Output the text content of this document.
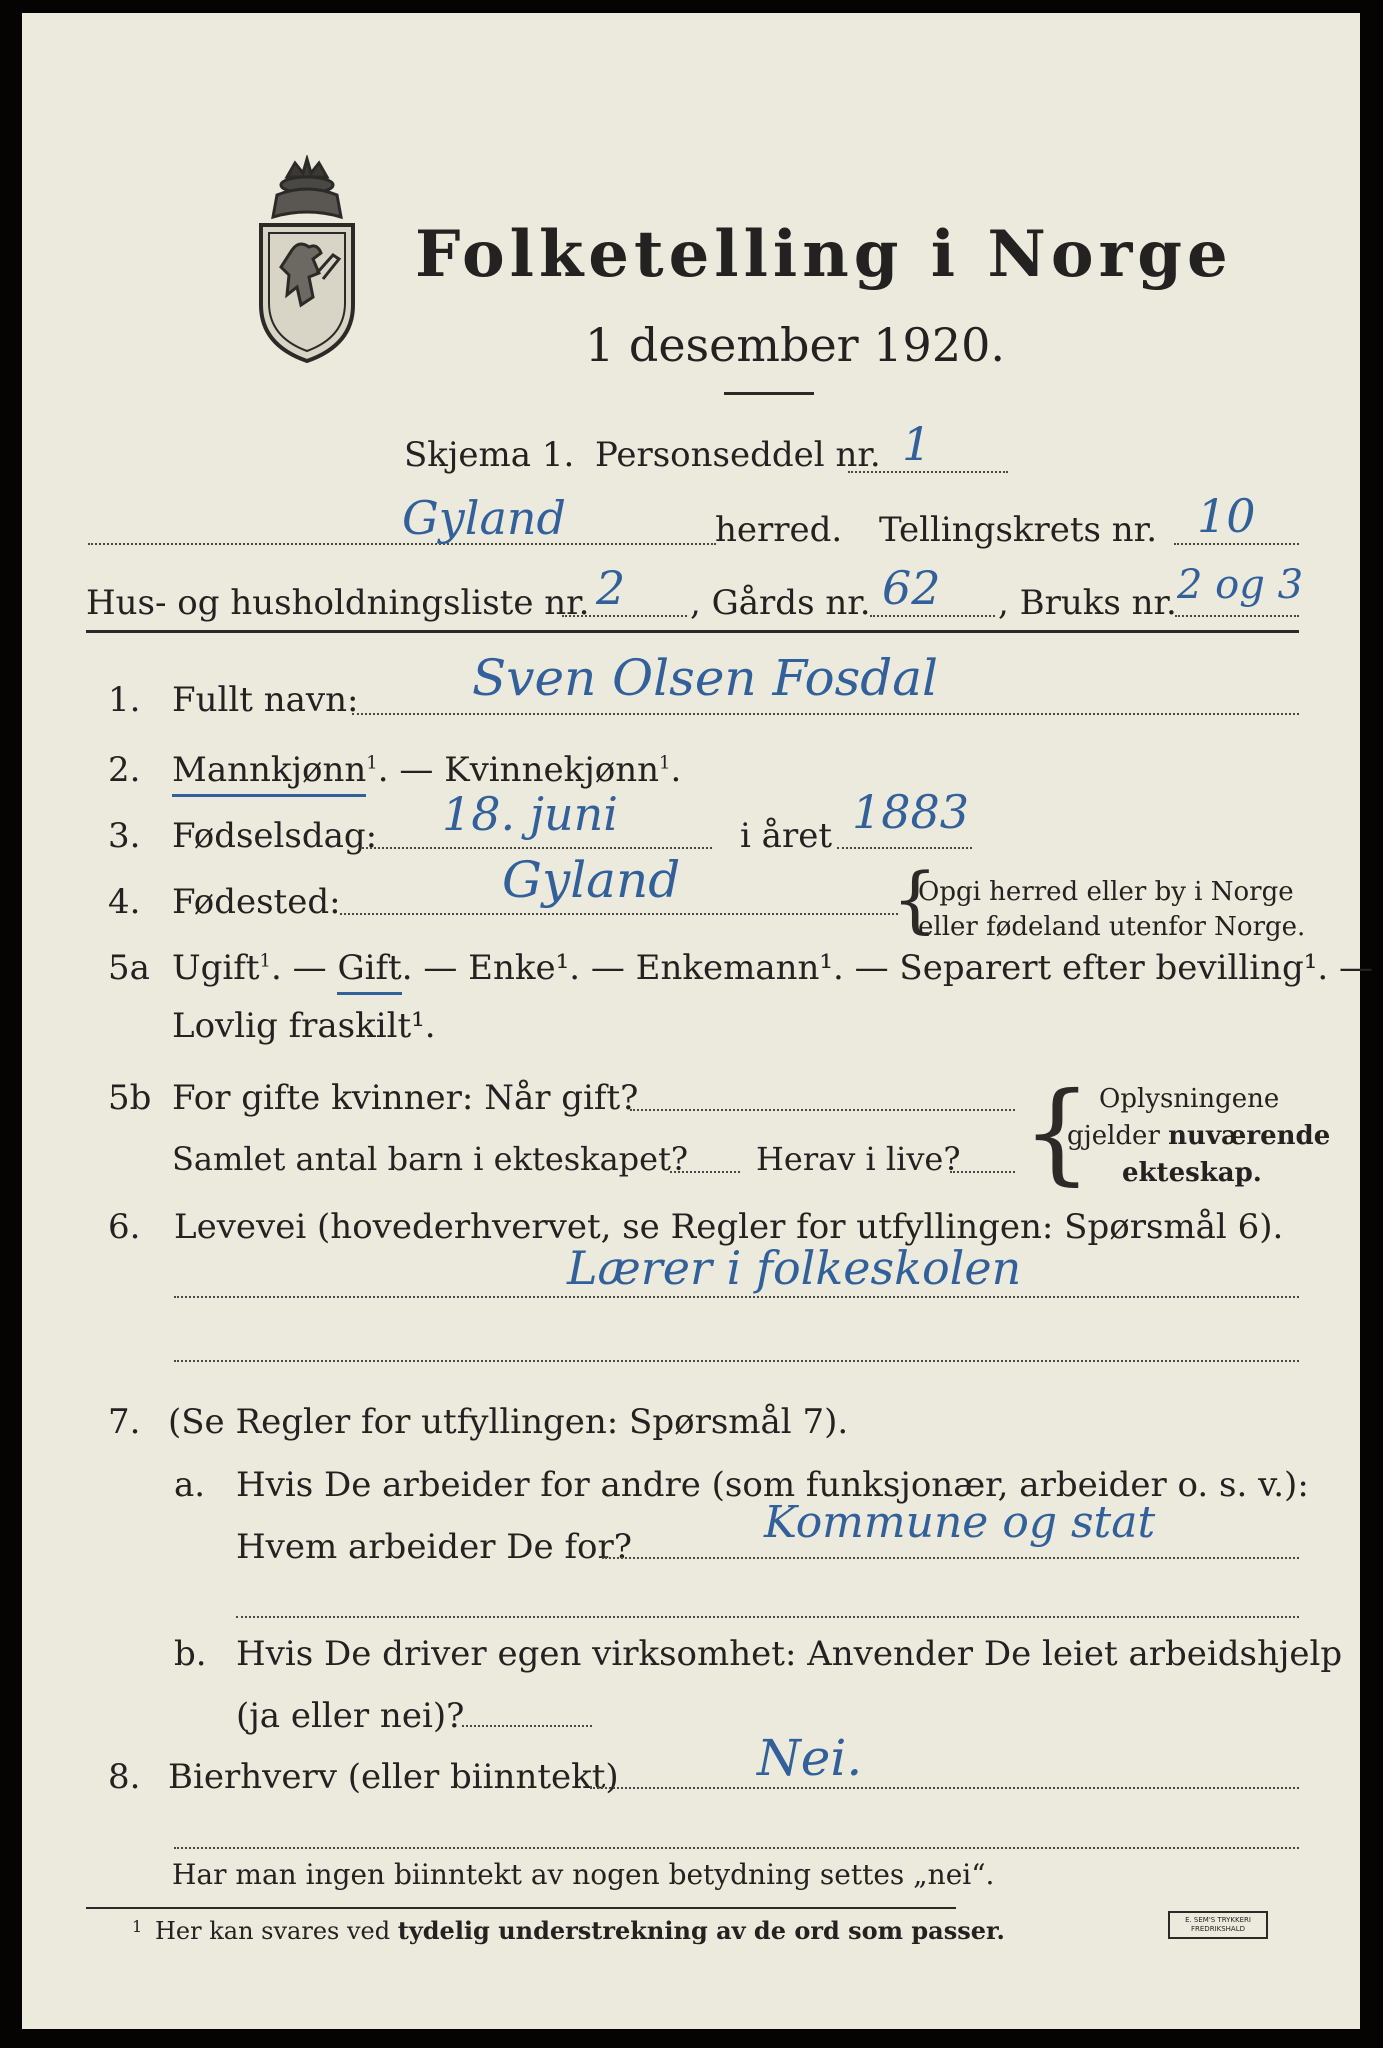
Folketelling i Norge
1 desember 1920.
Skjema 1. Personseddel nr. 1
Gyland	herred. Tellingskrets nr. 10
Hus- og husholdningsliste nr. 2 , Gårds nr. 62 , Bruks nr. 2 og 3
1. Fullt navn: Sven Olsen Fosdal
2. Mannkjønn$^1$. — Kvinnekjønn$^1$.
3. Fødselsdag: 18. juni	i året 1883
4. Fødested:	Gyland	{
Opgi herred eller by i Norge
eller fødeland utenfor Norge.
5a Ugift$^1$. — Gift. — Enke¹. — Enkemann¹. — Separert efter bevilling¹. —
Lovlig fraskilt¹.
5b For gifte kvinner: Når gift?
Samlet antal barn i ekteskapet? Herav i live? { Oplysningene
gjelder nuværende
ekteskap.
6. Levevei (hovederhvervet, se Regler for utfyllingen: Spørsmål 6).
Lærer i folkeskolen
7. (Se Regler for utfyllingen: Spørsmål 7).
a. Hvis De arbeider for andre (som funksjonær, arbeider o. s. v.):
Hvem arbeider De for?	Kommune og stat
b. Hvis De driver egen virksomhet: Anvender De leiet arbeidshjelp
(ja eller nei)?
8. Bierhverv (eller biinntekt)	Nei.
Har man ingen biinntekt av nogen betydning settes „nei“.
1 Her kan svares ved tydelig understrekning av de ord som passer.	E. SEM'S TRYKKERI
FREDRIKSHALD
